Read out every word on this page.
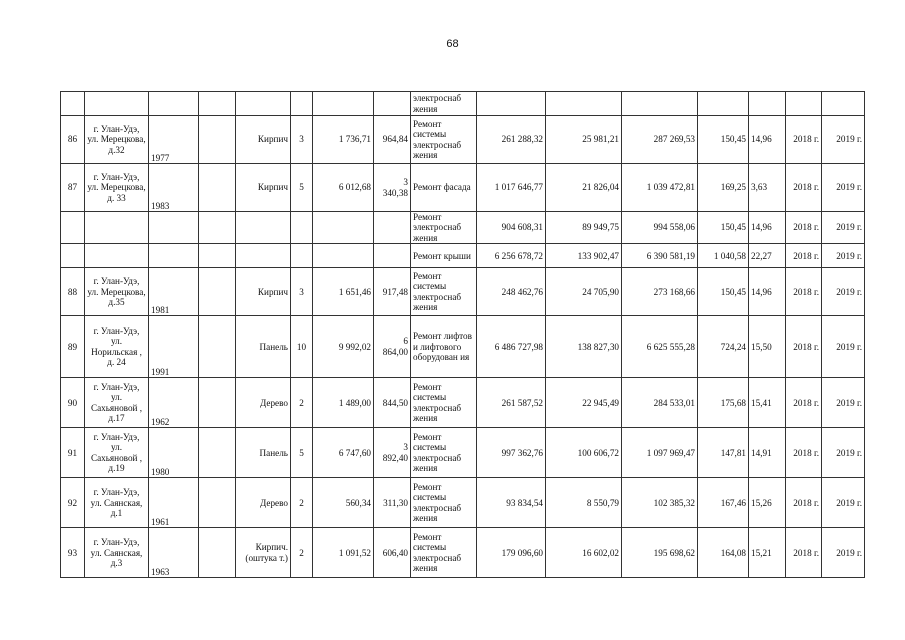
68
								электроснаб жения							
86	г. Улан-Удэ, ул. Мерецкова, д.32	1977		Кирпич	3	1 736,71	964,84	Ремонт системы электроснаб жения	261 288,32	25 981,21	287 269,53	150,45	14,96	2018 г.	2019 г.
87	г. Улан-Удэ, ул. Мерецкова, д. 33	1983		Кирпич	5	6 012,68	3 340,38	Ремонт фасада	1 017 646,77	21 826,04	1 039 472,81	169,25	3,63	2018 г.	2019 г.
								Ремонт электроснаб жения	904 608,31	89 949,75	994 558,06	150,45	14,96	2018 г.	2019 г.
								Ремонт крыши	6 256 678,72	133 902,47	6 390 581,19	1 040,58	22,27	2018 г.	2019 г.
88	г. Улан-Удэ, ул. Мерецкова, д.35	1981		Кирпич	3	1 651,46	917,48	Ремонт системы электроснаб жения	248 462,76	24 705,90	273 168,66	150,45	14,96	2018 г.	2019 г.
89	г. Улан-Удэ, ул. Норильская , д. 24	1991		Панель	10	9 992,02	6 864,00	Ремонт лифтов и лифтового оборудован ия	6 486 727,98	138 827,30	6 625 555,28	724,24	15,50	2018 г.	2019 г.
90	г. Улан-Удэ, ул. Сахьяновой , д.17	1962		Дерево	2	1 489,00	844,50	Ремонт системы электроснаб жения	261 587,52	22 945,49	284 533,01	175,68	15,41	2018 г.	2019 г.
91	г. Улан-Удэ, ул. Сахьяновой , д.19	1980		Панель	5	6 747,60	3 892,40	Ремонт системы электроснаб жения	997 362,76	100 606,72	1 097 969,47	147,81	14,91	2018 г.	2019 г.
92	г. Улан-Удэ, ул. Саянская, д.1	1961		Дерево	2	560,34	311,30	Ремонт системы электроснаб жения	93 834,54	8 550,79	102 385,32	167,46	15,26	2018 г.	2019 г.
93	г. Улан-Удэ, ул. Саянская, д.3	1963		Кирпич. (оштука т.)	2	1 091,52	606,40	Ремонт системы электроснаб жения	179 096,60	16 602,02	195 698,62	164,08	15,21	2018 г.	2019 г.
